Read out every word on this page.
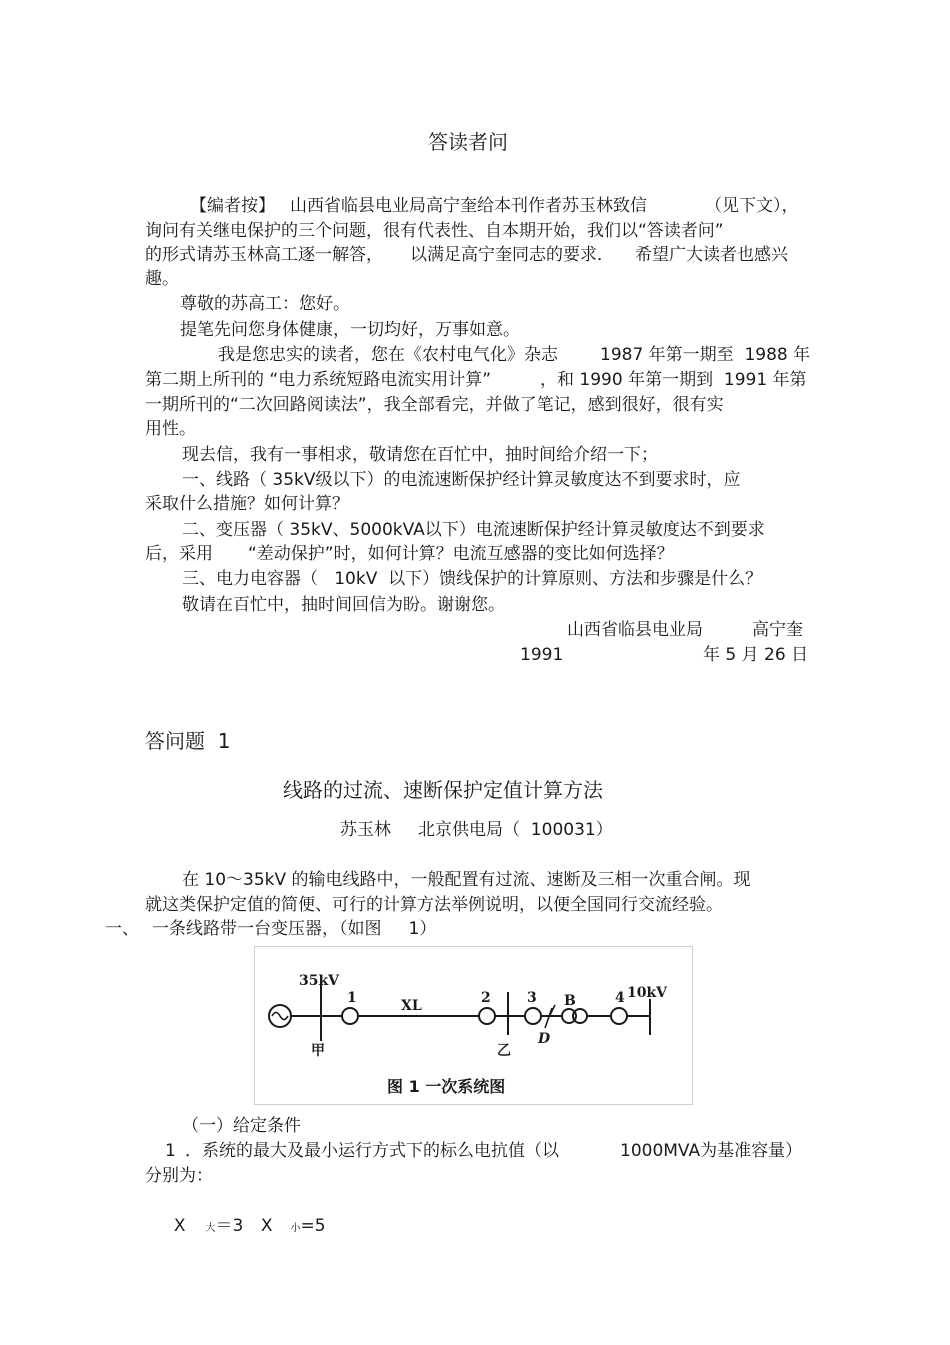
答读者问
【编者按】 山西省临县电业局高宁奎给本刊作者苏玉林致信	（见下文），
询问有关继电保护的三个问题，很有代表性、自本期开始，我们以“答读者问”
的形式请苏玉林高工逐一解答， 以满足高宁奎同志的要求． 希望广大读者也感兴
趣。
尊敬的苏高工：您好。
提笔先问您身体健康，一切均好，万事如意。
我是您忠实的读者，您在《农村电气化》杂志 1987 年第一期至  1988 年
第二期上所刊的 “电力系统短路电流实用计算”	，和 1990 年第一期到  1991 年第
一期所刊的“二次回路阅读法”，我全部看完，并做了笔记，感到很好，很有实
用性。
现去信，我有一事相求，敬请您在百忙中，抽时间给介绍一下；
一、线路（ 35kV级以下）的电流速断保护经计算灵敏度达不到要求时，应
采取什么措施？如何计算？
二、变压器（ 35kV、5000kVA以下）电流速断保护经计算灵敏度达不到要求
后，采用 “差动保护”时，如何计算？电流互感器的变比如何选择？
三、电力电容器（   10kV  以下）馈线保护的计算原则、方法和步骤是什么？
敬请在百忙中，抽时间回信为盼。谢谢您。
山西省临县电业局	高宁奎
1991	年 5 月 26 日
答问题  1
线路的过流、速断保护定值计算方法
苏玉林 北京供电局（  100031）
在 10～35kV 的输电线路中，一般配置有过流、速断及三相一次重合闸。现
就这类保护定值的简便、可行的计算方法举例说明，以便全国同行交流经验。
一、 一条线路带一台变压器，（如图     1）
35kV
1	XL	2	3 B	4 10kV
D
甲	乙
图 1 一次系统图
（一）给定条件
1 ．系统的最大及最小运行方式下的标么电抗值（以	1000MVA为基准容量）
分别为：

X 大＝3	X 小=5
